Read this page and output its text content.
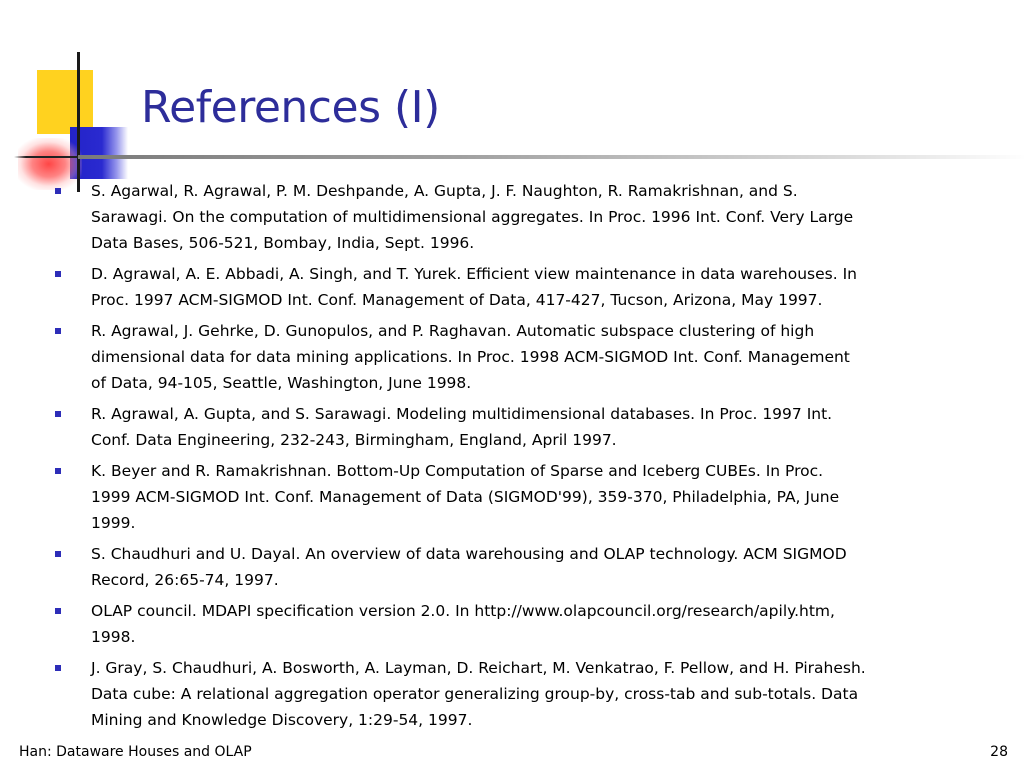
References (I)
S. Agarwal, R. Agrawal, P. M. Deshpande, A. Gupta, J. F. Naughton, R. Ramakrishnan, and S.
Sarawagi. On the computation of multidimensional aggregates. In Proc. 1996 Int. Conf. Very Large
Data Bases, 506-521, Bombay, India, Sept. 1996.
D. Agrawal, A. E. Abbadi, A. Singh, and T. Yurek. Efficient view maintenance in data warehouses. In
Proc. 1997 ACM-SIGMOD Int. Conf. Management of Data, 417-427, Tucson, Arizona, May 1997.
R. Agrawal, J. Gehrke, D. Gunopulos, and P. Raghavan. Automatic subspace clustering of high
dimensional data for data mining applications. In Proc. 1998 ACM-SIGMOD Int. Conf. Management
of Data, 94-105, Seattle, Washington, June 1998.
R. Agrawal, A. Gupta, and S. Sarawagi. Modeling multidimensional databases. In Proc. 1997 Int.
Conf. Data Engineering, 232-243, Birmingham, England, April 1997.
K. Beyer and R. Ramakrishnan. Bottom-Up Computation of Sparse and Iceberg CUBEs. In Proc.
1999 ACM-SIGMOD Int. Conf. Management of Data (SIGMOD'99), 359-370, Philadelphia, PA, June
1999.
S. Chaudhuri and U. Dayal. An overview of data warehousing and OLAP technology. ACM SIGMOD
Record, 26:65-74, 1997.
OLAP council. MDAPI specification version 2.0. In http://www.olapcouncil.org/research/apily.htm,
1998.
J. Gray, S. Chaudhuri, A. Bosworth, A. Layman, D. Reichart, M. Venkatrao, F. Pellow, and H. Pirahesh.
Data cube: A relational aggregation operator generalizing group-by, cross-tab and sub-totals. Data
Mining and Knowledge Discovery, 1:29-54, 1997.
Han: Dataware Houses and OLAP	28
